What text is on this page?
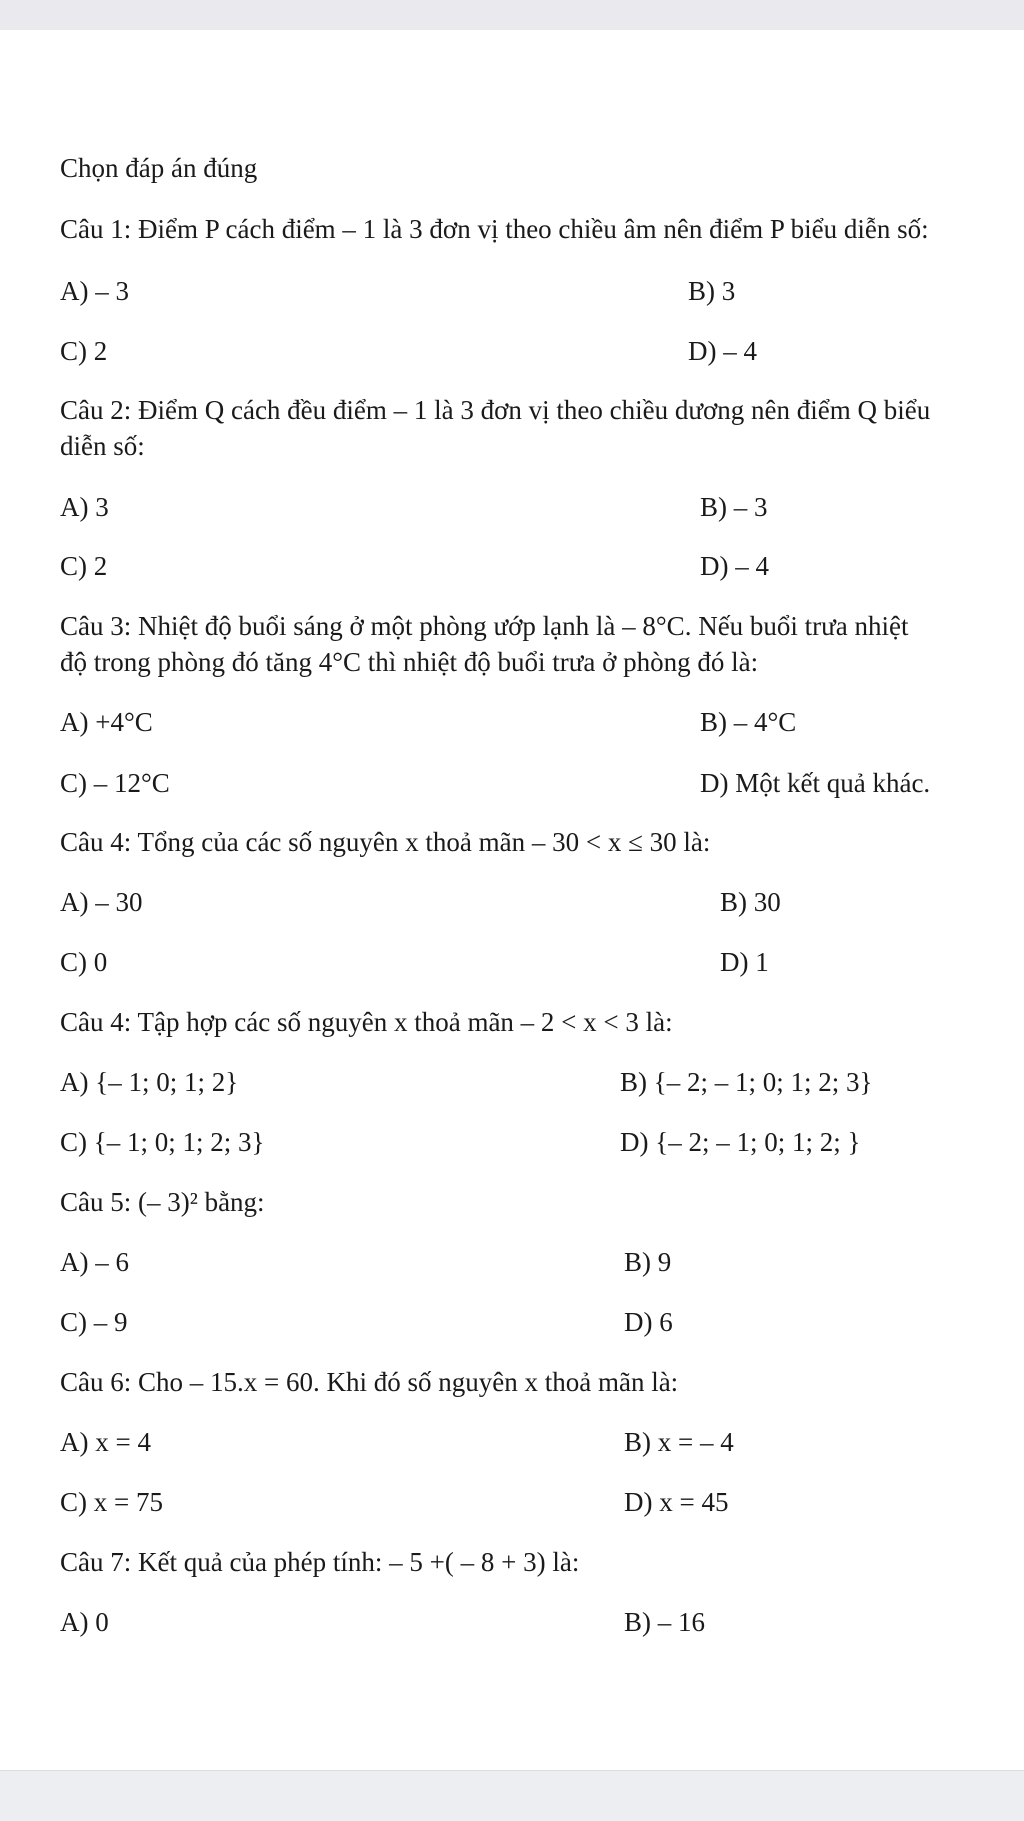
Chọn đáp án đúng
Câu 1: Điểm P cách điểm – 1 là 3 đơn vị theo chiều âm nên điểm P biểu diễn số:
A) – 3	B) 3
C) 2	D) – 4
Câu 2: Điểm Q cách đều điểm – 1 là 3 đơn vị theo chiều dương nên điểm Q biểu
diễn số:
A) 3	B) – 3
C) 2	D) – 4
Câu 3: Nhiệt độ buổi sáng ở một phòng ướp lạnh là – 8°C. Nếu buổi trưa nhiệt
độ trong phòng đó tăng 4°C thì nhiệt độ buổi trưa ở phòng đó là:
A) +4°C	B) – 4°C
C) – 12°C	D) Một kết quả khác.
Câu 4: Tổng của các số nguyên x thoả mãn – 30 < x ≤ 30 là:
A) – 30	B) 30
C) 0	D) 1
Câu 4: Tập hợp các số nguyên x thoả mãn – 2 < x < 3 là:
A) {– 1; 0; 1; 2}	B) {– 2; – 1; 0; 1; 2; 3}
C) {– 1; 0; 1; 2; 3}	D) {– 2; – 1; 0; 1; 2; }
Câu 5: (– 3)² bằng:
A) – 6	B) 9
C) – 9	D) 6
Câu 6: Cho – 15.x = 60. Khi đó số nguyên x thoả mãn là:
A) x = 4	B) x = – 4
C) x = 75	D) x = 45
Câu 7: Kết quả của phép tính: – 5 +( – 8 + 3) là:
A) 0	B) – 16
